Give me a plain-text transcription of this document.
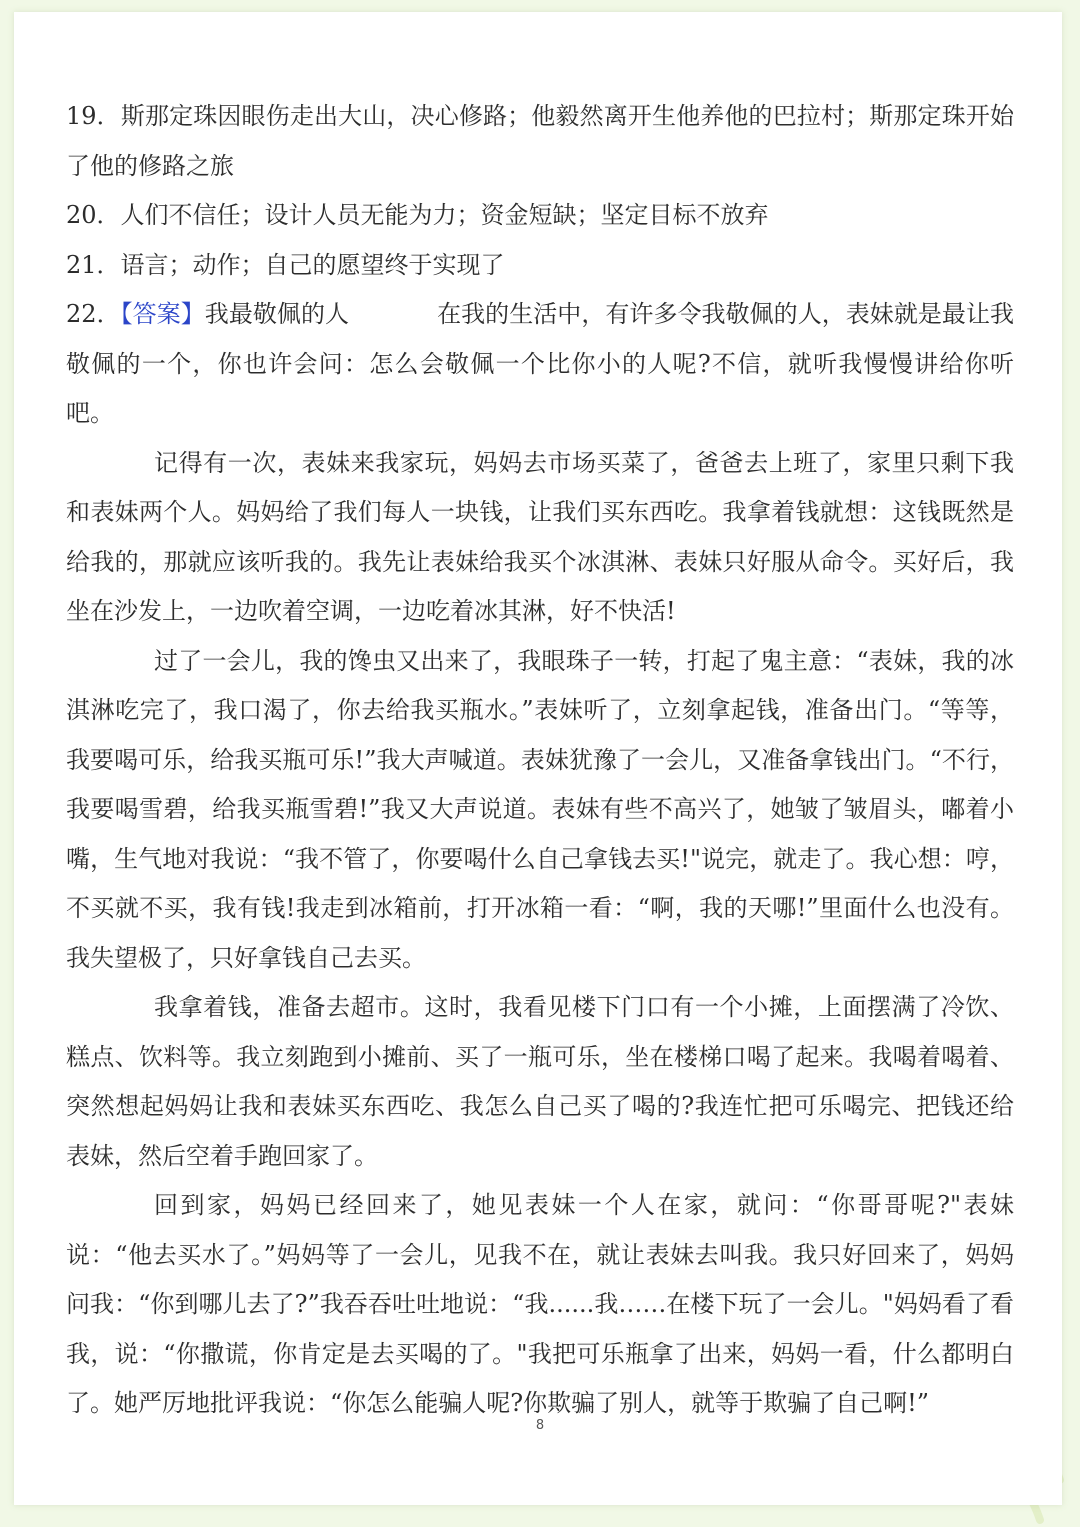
19．斯那定珠因眼伤走出大山，决心修路；他毅然离开生他养他的巴拉村；斯那定珠开始了他的修路之旅

20．人们不信任；设计人员无能为力；资金短缺；坚定目标不放弃

21．语言；动作；自己的愿望终于实现了

22．【答案】我最敬佩的人	在我的生活中，有许多令我敬佩的人，表妹就是最让我敬佩的一个，你也许会问：怎么会敬佩一个比你小的人呢?不信，就听我慢慢讲给你听吧。

记得有一次，表妹来我家玩，妈妈去市场买菜了，爸爸去上班了，家里只剩下我和表妹两个人。妈妈给了我们每人一块钱，让我们买东西吃。我拿着钱就想：这钱既然是给我的，那就应该听我的。我先让表妹给我买个冰淇淋、表妹只好服从命令。买好后，我坐在沙发上，一边吹着空调，一边吃着冰其淋，好不快活!

过了一会儿，我的馋虫又出来了，我眼珠子一转，打起了鬼主意：“表妹，我的冰淇淋吃完了，我口渴了，你去给我买瓶水。”表妹听了，立刻拿起钱，准备出门。“等等，我要喝可乐，给我买瓶可乐!”我大声喊道。表妹犹豫了一会儿，又准备拿钱出门。“不行，我要喝雪碧，给我买瓶雪碧!”我又大声说道。表妹有些不高兴了，她皱了皱眉头，嘟着小嘴，生气地对我说：“我不管了，你要喝什么自己拿钱去买!"说完，就走了。我心想：哼，不买就不买，我有钱!我走到冰箱前，打开冰箱一看：“啊，我的天哪!”里面什么也没有。我失望极了，只好拿钱自己去买。

我拿着钱，准备去超市。这时，我看见楼下门口有一个小摊，上面摆满了冷饮、糕点、饮料等。我立刻跑到小摊前、买了一瓶可乐，坐在楼梯口喝了起来。我喝着喝着、突然想起妈妈让我和表妹买东西吃、我怎么自己买了喝的?我连忙把可乐喝完、把钱还给表妹，然后空着手跑回家了。

回到家，妈妈已经回来了，她见表妹一个人在家，就问：“你哥哥呢?"表妹说：“他去买水了。”妈妈等了一会儿，见我不在，就让表妹去叫我。我只好回来了，妈妈问我：“你到哪儿去了?”我吞吞吐吐地说：“我......我……在楼下玩了一会儿。"妈妈看了看我，说：“你撒谎，你肯定是去买喝的了。"我把可乐瓶拿了出来，妈妈一看，什么都明白了。她严厉地批评我说：“你怎么能骗人呢?你欺骗了别人，就等于欺骗了自己啊!”

8
